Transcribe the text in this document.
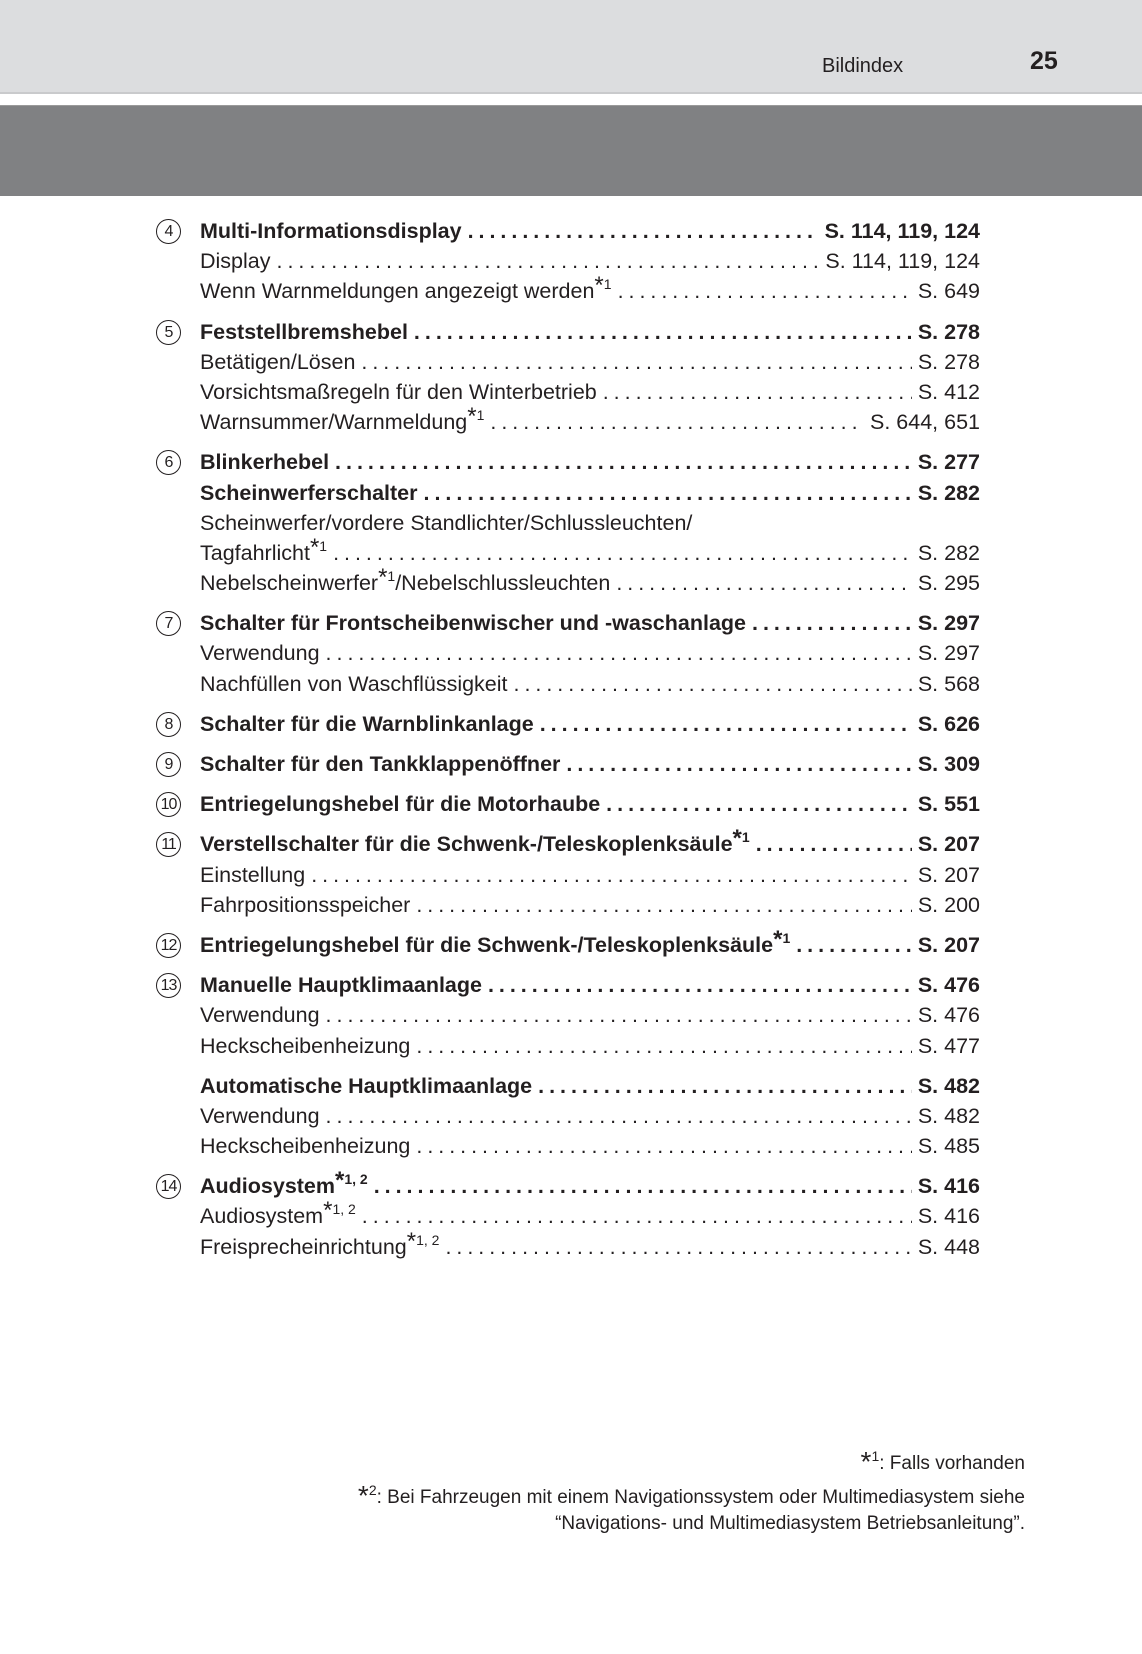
Bildindex	25
4	Multi-Informationsdisplay . . .	S. 114, 119, 124
Display . . .	S. 114, 119, 124
Wenn Warnmeldungen angezeigt werden$^{*1}$ . . .	S. 649
5	Feststellbremshebel . . .	S. 278
Betätigen/Lösen . . .	S. 278
Vorsichtsmaßregeln für den Winterbetrieb . . .	S. 412
Warnsummer/Warnmeldung$^{*1}$ . . .	S. 644, 651
6	Blinkerhebel . . .	S. 277
Scheinwerferschalter . . .	S. 282
Scheinwerfer/vordere Standlichter/Schlussleuchten/
Tagfahrlicht$^{*1}$ . . .	S. 282
Nebelscheinwerfer$^{*1}$/Nebelschlussleuchten . . .	S. 295
7	Schalter für Frontscheibenwischer und -waschanlage . . .	S. 297
Verwendung . . .	S. 297
Nachfüllen von Waschflüssigkeit . . .	S. 568
8	Schalter für die Warnblinkanlage . . .	S. 626
9	Schalter für den Tankklappenöffner . . .	S. 309
10 Entriegelungshebel für die Motorhaube . . .	S. 551
11 Verstellschalter für die Schwenk-/Teleskoplenksäule$^{*1}$ . . .	S. 207
Einstellung . . .	S. 207
Fahrpositionsspeicher . . .	S. 200
12 Entriegelungshebel für die Schwenk-/Teleskoplenksäule$^{*1}$ . . .	S. 207
13 Manuelle Hauptklimaanlage . . .	S. 476
Verwendung . . .	S. 476
Heckscheibenheizung . . .	S. 477
Automatische Hauptklimaanlage . . .	S. 482
Verwendung . . .	S. 482
Heckscheibenheizung . . .	S. 485
14 Audiosystem$^{*1, 2}$ . . .	S. 416
Audiosystem$^{*1, 2}$ . . .	S. 416
Freisprecheinrichtung$^{*1, 2}$ . . .	S. 448
*$^1$: Falls vorhanden
*$^2$: Bei Fahrzeugen mit einem Navigationssystem oder Multimediasystem siehe
“Navigations- und Multimediasystem Betriebsanleitung”.
